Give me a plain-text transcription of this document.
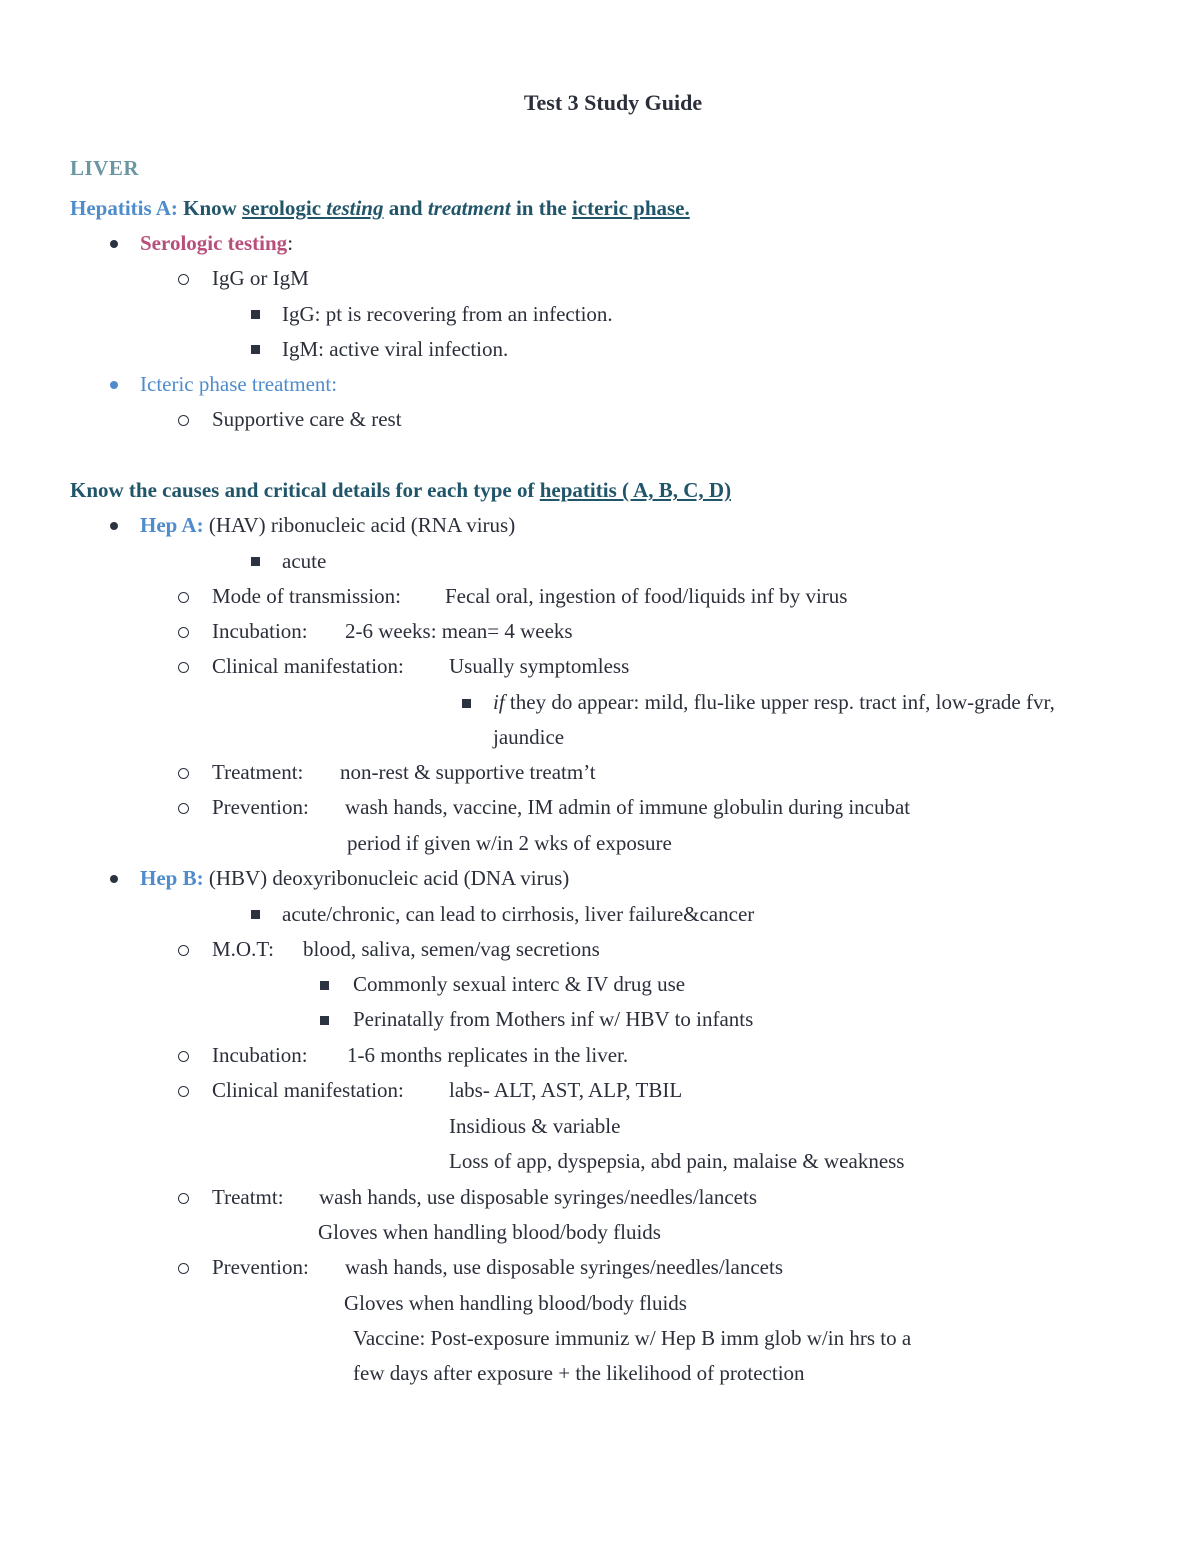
Test 3 Study Guide
LIVER
Hepatitis A: Know serologic testing and treatment in the icteric phase.
Serologic testing:
IgG or IgM
IgG: pt is recovering from an infection.
IgM: active viral infection.
Icteric phase treatment:
Supportive care & rest
Know the causes and critical details for each type of hepatitis ( A, B, C, D)
Hep A: (HAV) ribonucleic acid (RNA virus)
acute
Mode of transmission: Fecal oral, ingestion of food/liquids inf by virus
Incubation: 2-6 weeks: mean= 4 weeks
Clinical manifestation: Usually symptomless
if they do appear: mild, flu-like upper resp. tract inf, low-grade fvr,
jaundice
Treatment: non-rest & supportive treatm’t
Prevention: wash hands, vaccine, IM admin of immune globulin during incubat
period if given w/in 2 wks of exposure
Hep B: (HBV) deoxyribonucleic acid (DNA virus)
acute/chronic, can lead to cirrhosis, liver failure&cancer
M.O.T: blood, saliva, semen/vag secretions
Commonly sexual interc & IV drug use
Perinatally from Mothers inf w/ HBV to infants
Incubation: 1-6 months replicates in the liver.
Clinical manifestation: labs- ALT, AST, ALP, TBIL
Insidious & variable
Loss of app, dyspepsia, abd pain, malaise & weakness
Treatmt: wash hands, use disposable syringes/needles/lancets
Gloves when handling blood/body fluids
Prevention: wash hands, use disposable syringes/needles/lancets
Gloves when handling blood/body fluids
Vaccine: Post-exposure immuniz w/ Hep B imm glob w/in hrs to a
few days after exposure + the likelihood of protection
